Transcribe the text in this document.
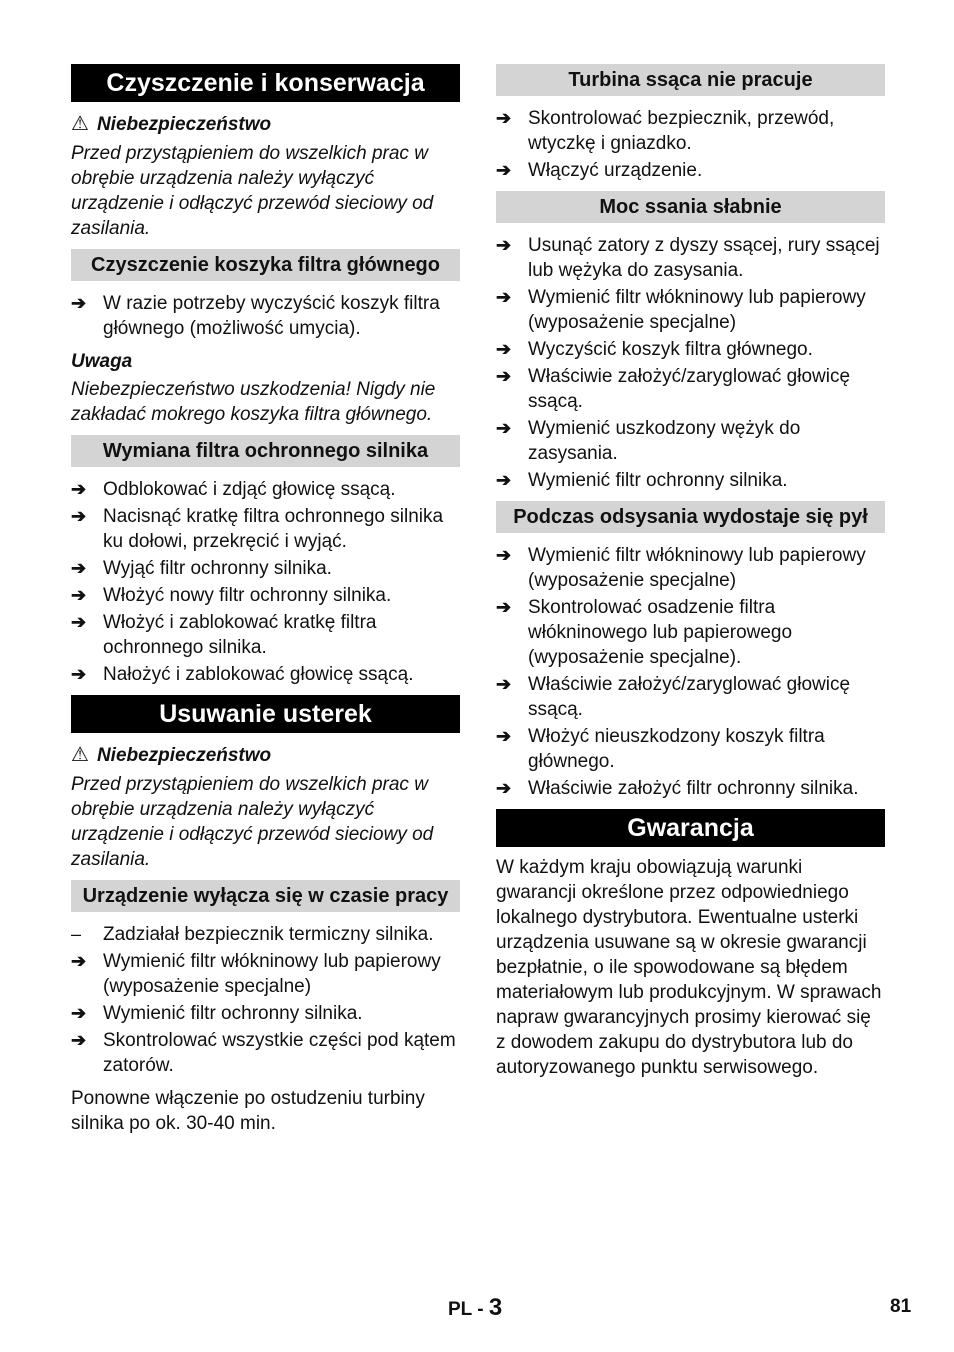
Czyszczenie i konserwacja
⚠ Niebezpieczeństwo

Przed przystąpieniem do wszelkich prac w obrębie urządzenia należy wyłączyć urządzenie i odłączyć przewód sieciowy od zasilania.

Czyszczenie koszyka filtra głównego
➔ W razie potrzeby wyczyścić koszyk filtra głównego (możliwość umycia).
Uwaga

Niebezpieczeństwo uszkodzenia! Nigdy nie zakładać mokrego koszyka filtra głównego.

Wymiana filtra ochronnego silnika
➔ Odblokować i zdjąć głowicę ssącą.
➔ Nacisnąć kratkę filtra ochronnego silnika ku dołowi, przekręcić i wyjąć.
➔ Wyjąć filtr ochronny silnika.
➔ Włożyć nowy filtr ochronny silnika.
➔ Włożyć i zablokować kratkę filtra ochronnego silnika.
➔ Nałożyć i zablokować głowicę ssącą.
Usuwanie usterek
⚠ Niebezpieczeństwo

Przed przystąpieniem do wszelkich prac w obrębie urządzenia należy wyłączyć urządzenie i odłączyć przewód sieciowy od zasilania.

Urządzenie wyłącza się w czasie pracy
–	Zadziałał bezpiecznik termiczny silnika.
➔ Wymienić filtr włókninowy lub papierowy (wyposażenie specjalne)
➔ Wymienić filtr ochronny silnika.
➔ Skontrolować wszystkie części pod kątem zatorów.

Ponowne włączenie po ostudzeniu turbiny silnika po ok. 30-40 min.

Turbina ssąca nie pracuje
➔ Skontrolować bezpiecznik, przewód, wtyczkę i gniazdko.
➔ Włączyć urządzenie.
Moc ssania słabnie
➔ Usunąć zatory z dyszy ssącej, rury ssącej lub wężyka do zasysania.
➔ Wymienić filtr włókninowy lub papierowy (wyposażenie specjalne)
➔ Wyczyścić koszyk filtra głównego.
➔ Właściwie założyć/zaryglować głowicę ssącą.
➔ Wymienić uszkodzony wężyk do zasysania.
➔ Wymienić filtr ochronny silnika.
Podczas odsysania wydostaje się pył
➔ Wymienić filtr włókninowy lub papierowy (wyposażenie specjalne)
➔ Skontrolować osadzenie filtra włókninowego lub papierowego (wyposażenie specjalne).
➔ Właściwie założyć/zaryglować głowicę ssącą.
➔ Włożyć nieuszkodzony koszyk filtra głównego.
➔ Właściwie założyć filtr ochronny silnika.
Gwarancja

W każdym kraju obowiązują warunki gwarancji określone przez odpowiedniego lokalnego dystrybutora. Ewentualne usterki urządzenia usuwane są w okresie gwarancji bezpłatnie, o ile spowodowane są błędem materiałowym lub produkcyjnym. W sprawach napraw gwarancyjnych prosimy kierować się z dowodem zakupu do dystrybutora lub do autoryzowanego punktu serwisowego.

PL - 3	81
